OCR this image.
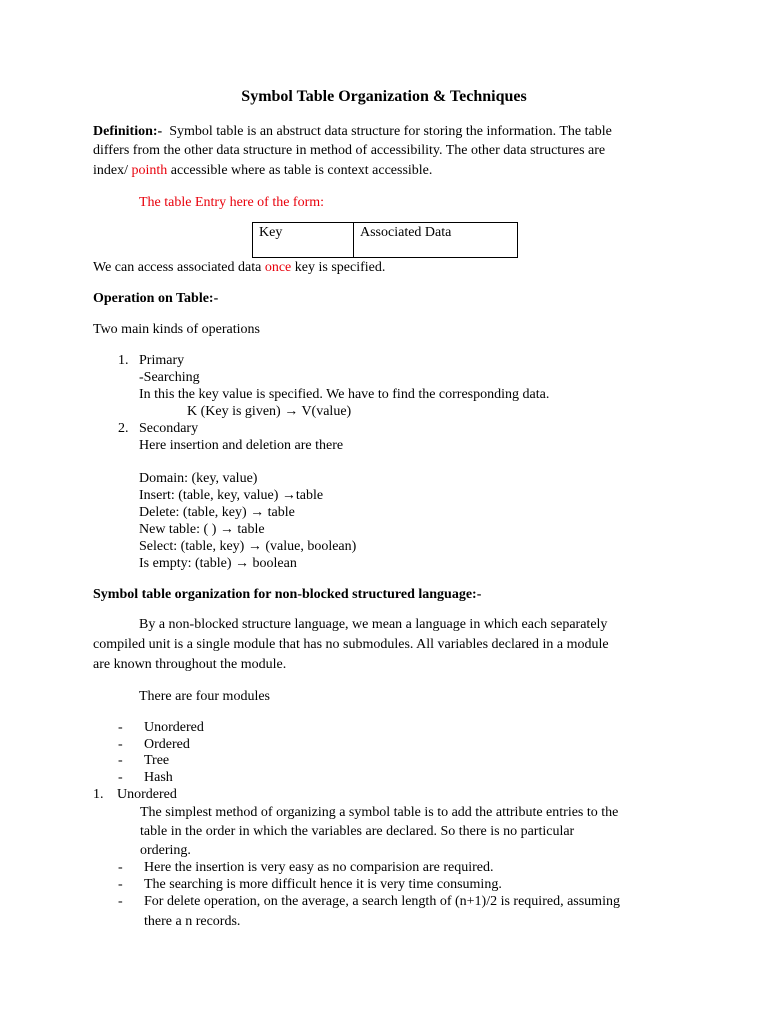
Symbol Table Organization & Techniques
Definition:- Symbol table is an abstruct data structure for storing the information. The table
differs from the other data structure in method of accessibility. The other data structures are
index/ pointh accessible where as table is context accessible.
The table Entry here of the form:
Key	Associated Data
We can access associated data once key is specified.
Operation on Table:-
Two main kinds of operations
1. Primary
-Searching
In this the key value is specified. We have to find the corresponding data.
K (Key is given) → V(value)
2. Secondary
Here insertion and deletion are there
Domain: (key, value)
Insert: (table, key, value) →table
Delete: (table, key) → table
New table: ( ) → table
Select: (table, key) → (value, boolean)
Is empty: (table) → boolean
Symbol table organization for non-blocked structured language:-
By a non-blocked structure language, we mean a language in which each separately
compiled unit is a single module that has no submodules. All variables declared in a module
are known throughout the module.
There are four modules
- Unordered
- Ordered
- Tree
- Hash
1. Unordered
The simplest method of organizing a symbol table is to add the attribute entries to the
table in the order in which the variables are declared. So there is no particular
ordering.
- Here the insertion is very easy as no comparision are required.
- The searching is more difficult hence it is very time consuming.
- For delete operation, on the average, a search length of (n+1)/2 is required, assuming
there a n records.
